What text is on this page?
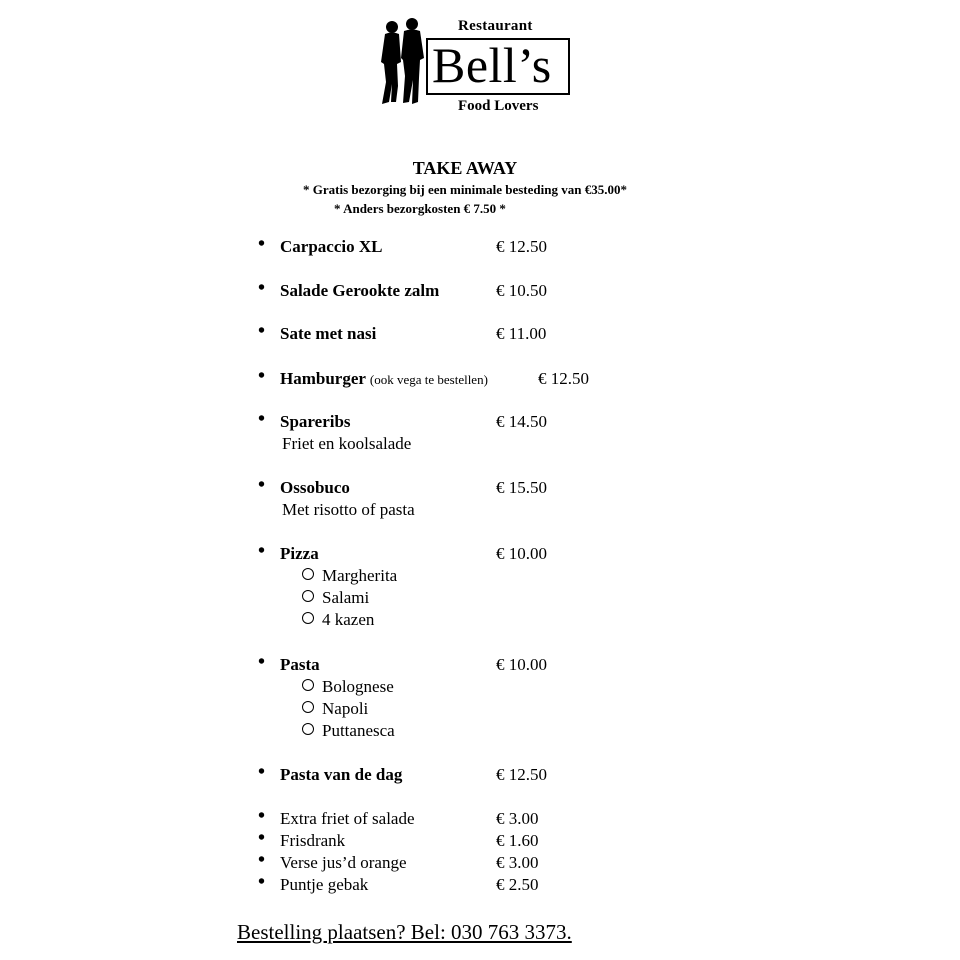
Restaurant
Bell’s
Food Lovers
TAKE AWAY
* Gratis bezorging bij een minimale besteding van €35.00*
* Anders bezorgkosten € 7.50 *
• Carpaccio XL	€ 12.50
• Salade Gerookte zalm	€ 10.50
• Sate met nasi	€ 11.00
• Hamburger (ook vega te bestellen)	€ 12.50
• Spareribs	€ 14.50
Friet en koolsalade
• Ossobuco	€ 15.50
Met risotto of pasta
• Pizza	€ 10.00
Margherita
Salami
4 kazen
• Pasta	€ 10.00
Bolognese
Napoli
Puttanesca
• Pasta van de dag	€ 12.50
• Extra friet of salade	€ 3.00
• Frisdrank	€ 1.60
• Verse jus’d orange	€ 3.00
• Puntje gebak	€ 2.50
Bestelling plaatsen? Bel: 030 763 3373.
